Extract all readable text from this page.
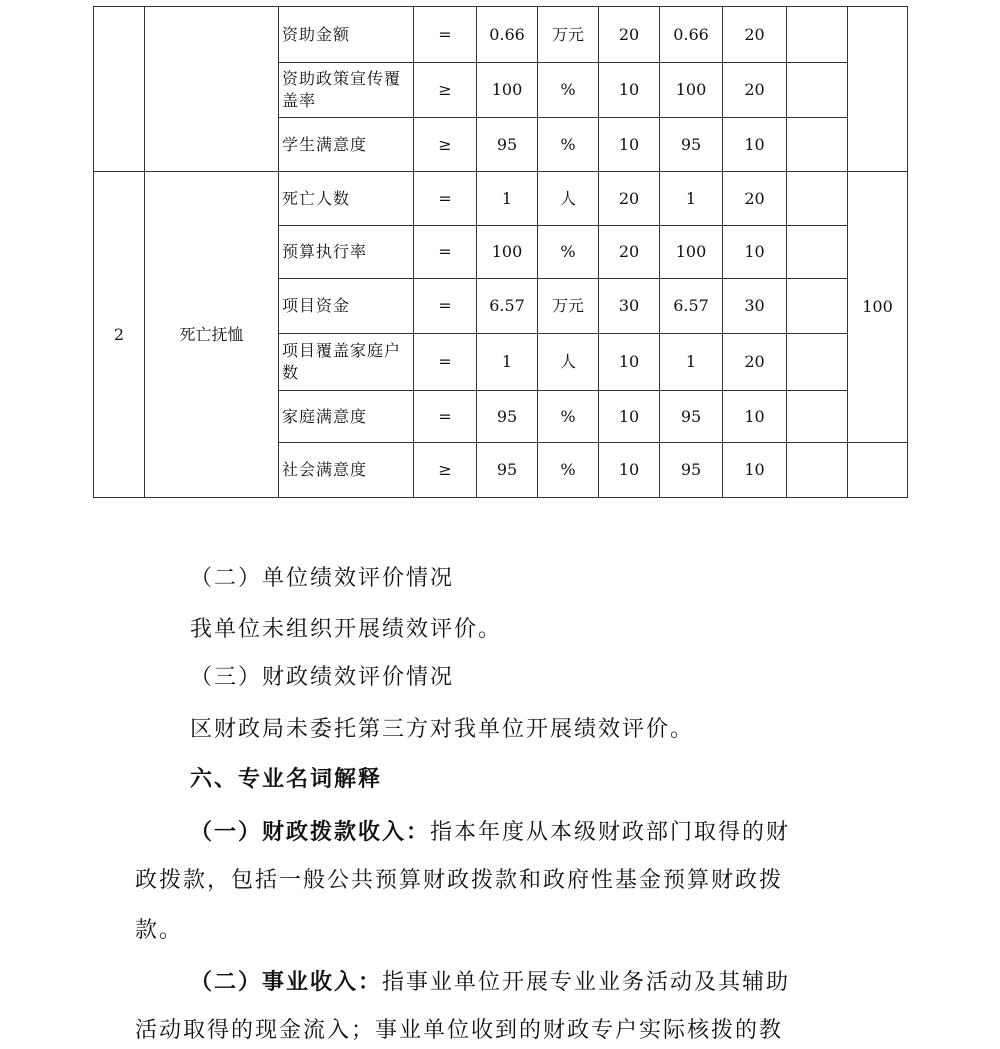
		资助金额	=	0.66	万元	20	0.66	20		
		资助政策宣传覆盖率	≥	100	%	10	100	20		
		学生满意度	≥	95	%	10	95	10		
2	死亡抚恤	死亡人数	=	1	人	20	1	20		100
		预算执行率	=	100	%	20	100	10		
		项目资金	=	6.57	万元	30	6.57	30		
		项目覆盖家庭户数	=	1	人	10	1	20		
		家庭满意度	=	95	%	10	95	10		
		社会满意度	≥	95	%	10	95	10		
（二）单位绩效评价情况
我单位未组织开展绩效评价。
（三）财政绩效评价情况
区财政局未委托第三方对我单位开展绩效评价。
六、专业名词解释
（一）财政拨款收入：指本年度从本级财政部门取得的财
政拨款，包括一般公共预算财政拨款和政府性基金预算财政拨
款。
（二）事业收入：指事业单位开展专业业务活动及其辅助
活动取得的现金流入；事业单位收到的财政专户实际核拨的教
